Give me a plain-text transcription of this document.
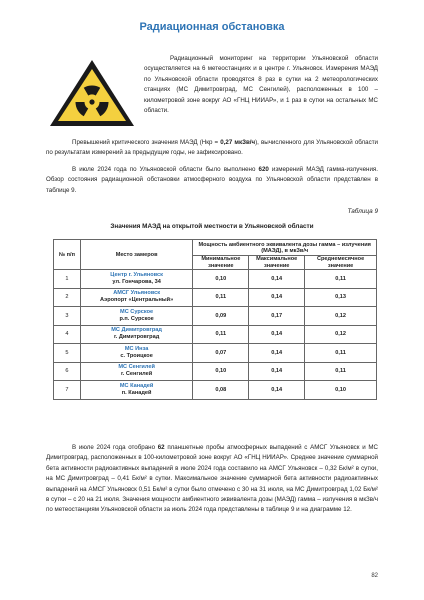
Радиационная обстановка

Радиационный мониторинг на территории Ульяновской области осуществляется на 6 метеостанциях и в центре г. Ульяновск. Измерения МАЭД по Ульяновской области проводятся 8 раз в сутки на 2 метеорологических станциях (МС Димитровград, МС Сенгилей), расположенных в 100 – километровой зоне вокруг АО «ГНЦ НИИАР», и 1 раз в сутки на остальных МС области.

Превышений критического значения МАЭД (Нкр = 0,27 мкЗв/ч), вычисленного для Ульяновской области по результатам измерений за предыдущие годы, не зафиксировано.

В июле 2024 года по Ульяновской области было выполнено 620 измерений МАЭД гамма-излучения. Обзор состояния радиационной обстановки атмосферного воздуха по Ульяновской области представлен в таблице 9.

Таблица 9
Значения МАЭД на открытой местности в Ульяновской области
№ п/п	Место замеров	Мощность амбиентного эквивалента дозы гамма – излучения (МАЭД), в мкЗв/ч		
		Минимальное значение	Максимальное значение	Среднемесячное значение
1	Центр г. Ульяновск
ул. Гончарова, 34	0,10	0,14	0,11
2	АМСГ Ульяновск
Аэропорт «Центральный»	0,11	0,14	0,13
3	МС Сурское
р.п. Сурское	0,09	0,17	0,12
4	МС Димитровград
г. Димитровград	0,11	0,14	0,12
5	МС Инза
с. Троицкое	0,07	0,14	0,11
6	МС Сенгилей
г. Сенгилей	0,10	0,14	0,11
7	МС Канадей
п. Канадей	0,08	0,14	0,10

В июле 2024 года отобрано 62 планшетные пробы атмосферных выпадений с АМСГ Ульяновск и МС Димитровград, расположенных в 100-километровой зоне вокруг АО «ГНЦ НИИАР». Среднее значение суммарной бета активности радиоактивных выпадений в июле 2024 года составило на АМСГ Ульяновск – 0,32 Бк/м² в сутки, на МС Димитровград – 0,41 Бк/м² в сутки. Максимальное значение суммарной бета активности радиоактивных выпадений на АМСГ Ульяновск 0,51 Бк/м² в сутки было отмечено с 30 на 31 июля, на МС Димитровград 1,02 Бк/м² в сутки – с 20 на 21 июля. Значения мощности амбиентного эквивалента дозы (МАЭД) гамма – излучения в мкЗв/ч по метеостанциям Ульяновской области за июль 2024 года представлены в таблице 9 и на диаграмме 12.

82
